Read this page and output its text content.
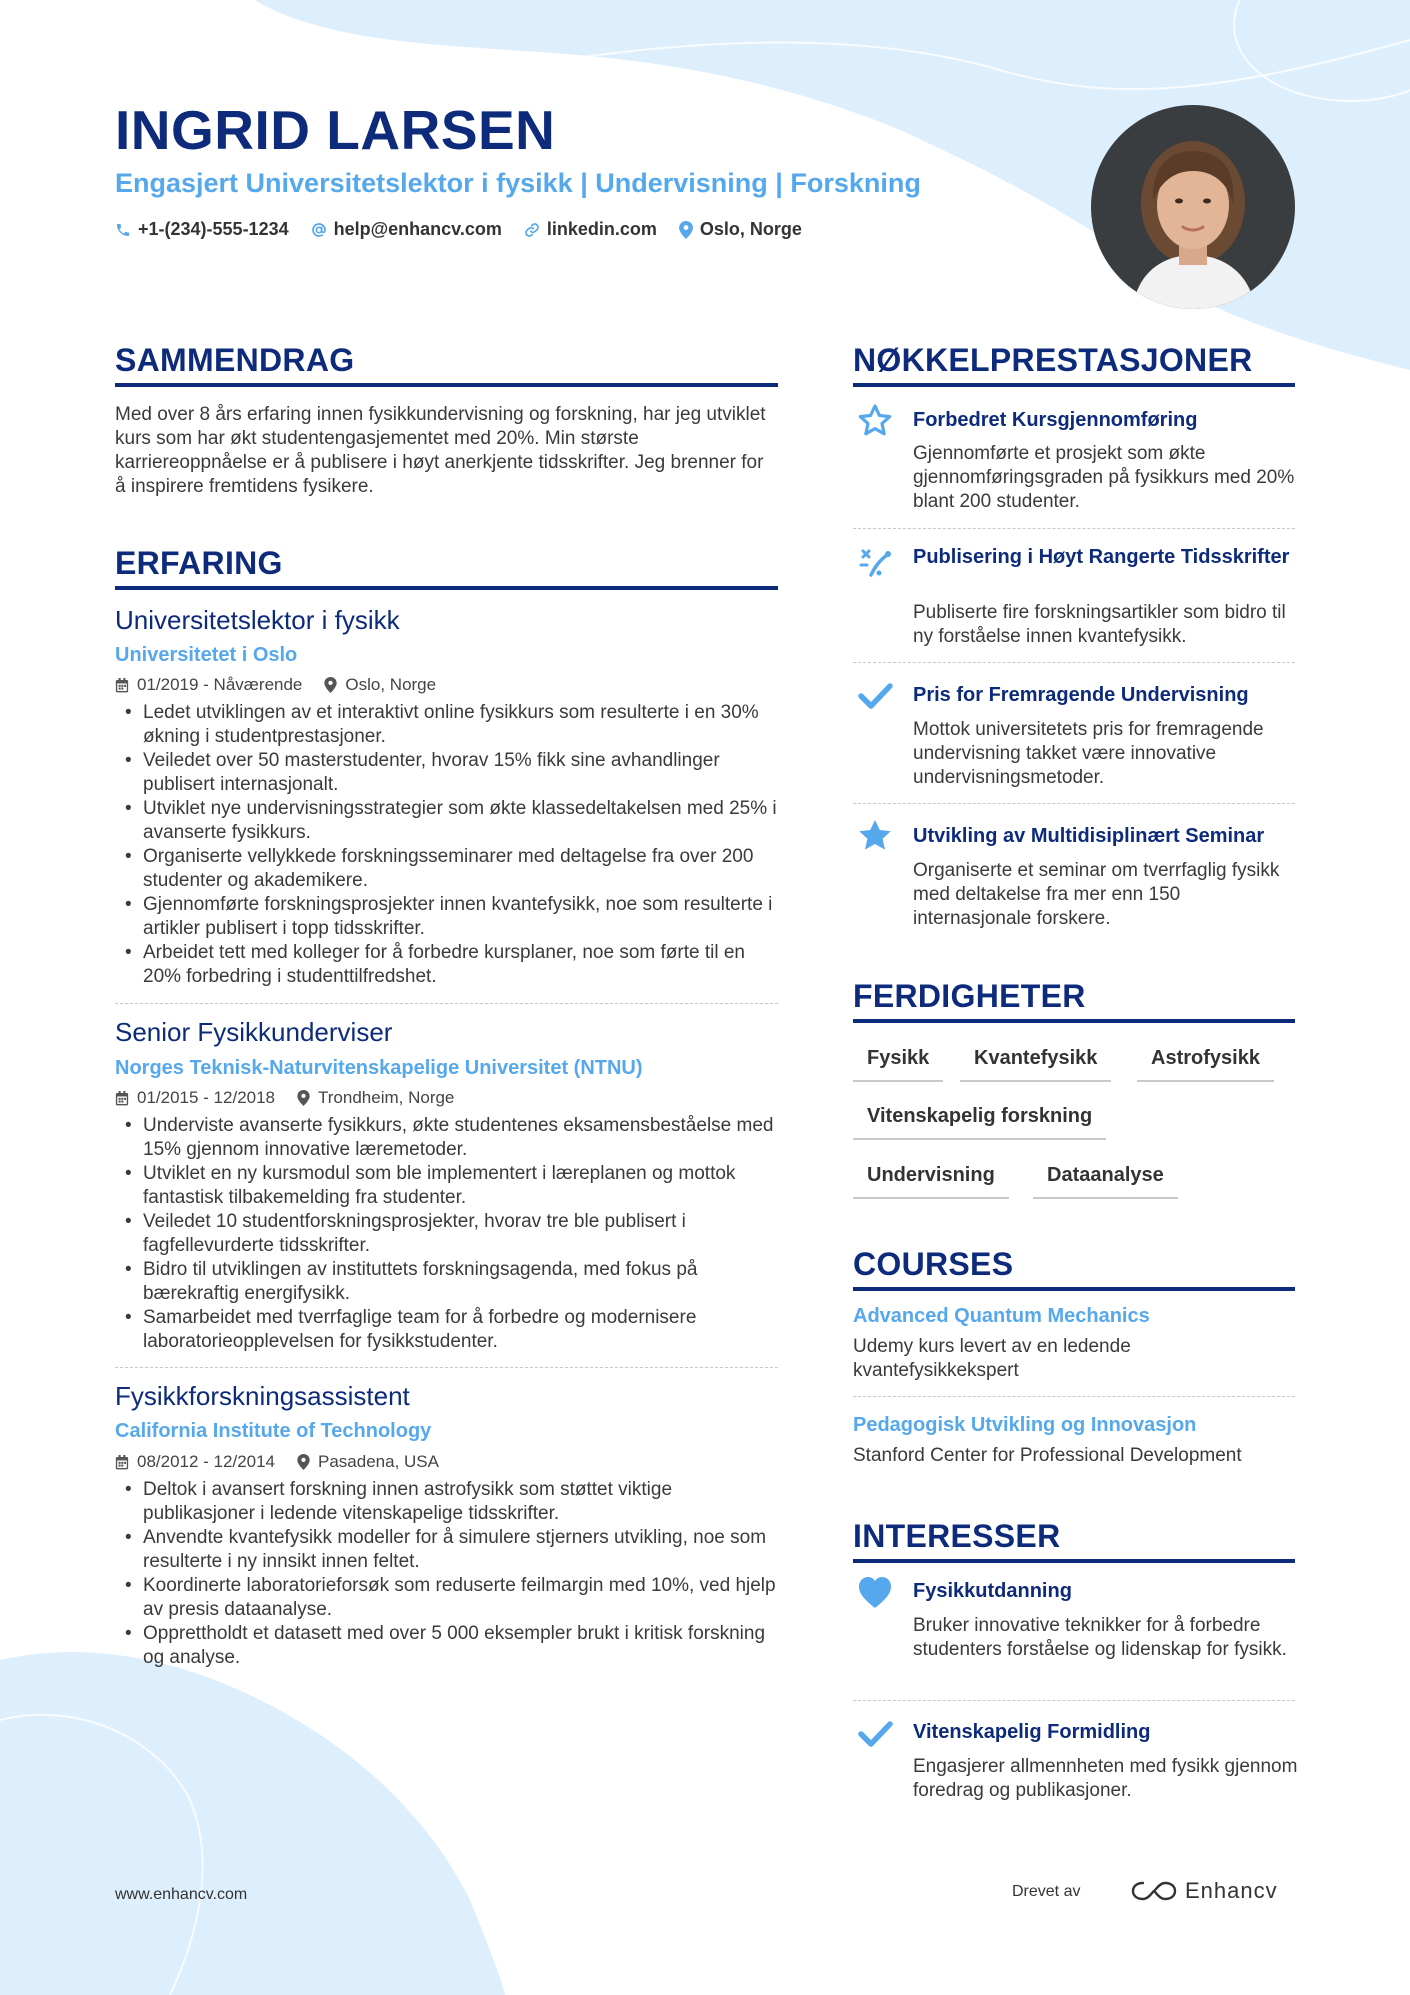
INGRID LARSEN
Engasjert Universitetslektor i fysikk | Undervisning | Forskning
+1-(234)-555-1234	help@enhancv.com	linkedin.com Oslo, Norge
SAMMENDRAG
Med over 8 års erfaring innen fysikkundervisning og forskning, har jeg utviklet kurs som har økt studentengasjementet med 20%. Min største karriereoppnåelse er å publisere i høyt anerkjente tidsskrifter. Jeg brenner for å inspirere fremtidens fysikere.
ERFARING
Universitetslektor i fysikk
Universitetet i Oslo
01/2019 - Nåværende	Oslo, Norge
• Ledet utviklingen av et interaktivt online fysikkurs som resulterte i en 30% økning i studentprestasjoner.
• Veiledet over 50 masterstudenter, hvorav 15% fikk sine avhandlinger publisert internasjonalt.
• Utviklet nye undervisningsstrategier som økte klassedeltakelsen med 25% i avanserte fysikkurs.
• Organiserte vellykkede forskningsseminarer med deltagelse fra over 200 studenter og akademikere.
• Gjennomførte forskningsprosjekter innen kvantefysikk, noe som resulterte i artikler publisert i topp tidsskrifter.
• Arbeidet tett med kolleger for å forbedre kursplaner, noe som førte til en 20% forbedring i studenttilfredshet.
Senior Fysikkunderviser
Norges Teknisk-Naturvitenskapelige Universitet (NTNU)
01/2015 - 12/2018	Trondheim, Norge
• Underviste avanserte fysikkurs, økte studentenes eksamensbeståelse med 15% gjennom innovative læremetoder.
• Utviklet en ny kursmodul som ble implementert i læreplanen og mottok fantastisk tilbakemelding fra studenter.
• Veiledet 10 studentforskningsprosjekter, hvorav tre ble publisert i fagfellevurderte tidsskrifter.
• Bidro til utviklingen av instituttets forskningsagenda, med fokus på bærekraftig energifysikk.
• Samarbeidet med tverrfaglige team for å forbedre og modernisere laboratorieopplevelsen for fysikkstudenter.
Fysikkforskningsassistent
California Institute of Technology
08/2012 - 12/2014	Pasadena, USA
• Deltok i avansert forskning innen astrofysikk som støttet viktige publikasjoner i ledende vitenskapelige tidsskrifter.
• Anvendte kvantefysikk modeller for å simulere stjerners utvikling, noe som resulterte i ny innsikt innen feltet.
• Koordinerte laboratorieforsøk som reduserte feilmargin med 10%, ved hjelp av presis dataanalyse.
• Opprettholdt et datasett med over 5 000 eksempler brukt i kritisk forskning og analyse.
NØKKELPRESTASJONER
Forbedret Kursgjennomføring
Gjennomførte et prosjekt som økte gjennomføringsgraden på fysikkurs med 20% blant 200 studenter.
Publisering i Høyt Rangerte Tidsskrifter
Publiserte fire forskningsartikler som bidro til ny forståelse innen kvantefysikk.
Pris for Fremragende Undervisning
Mottok universitetets pris for fremragende undervisning takket være innovative undervisningsmetoder.
Utvikling av Multidisiplinært Seminar
Organiserte et seminar om tverrfaglig fysikk med deltakelse fra mer enn 150 internasjonale forskere.
FERDIGHETER
Fysikk	Kvantefysikk	Astrofysikk
Vitenskapelig forskning
Undervisning	Dataanalyse
COURSES
Advanced Quantum Mechanics
Udemy kurs levert av en ledende kvantefysikkekspert
Pedagogisk Utvikling og Innovasjon
Stanford Center for Professional Development
INTERESSER
Fysikkutdanning
Bruker innovative teknikker for å forbedre studenters forståelse og lidenskap for fysikk.
Vitenskapelig Formidling
Engasjerer allmennheten med fysikk gjennom foredrag og publikasjoner.
www.enhancv.com	Drevet av	Enhancv
